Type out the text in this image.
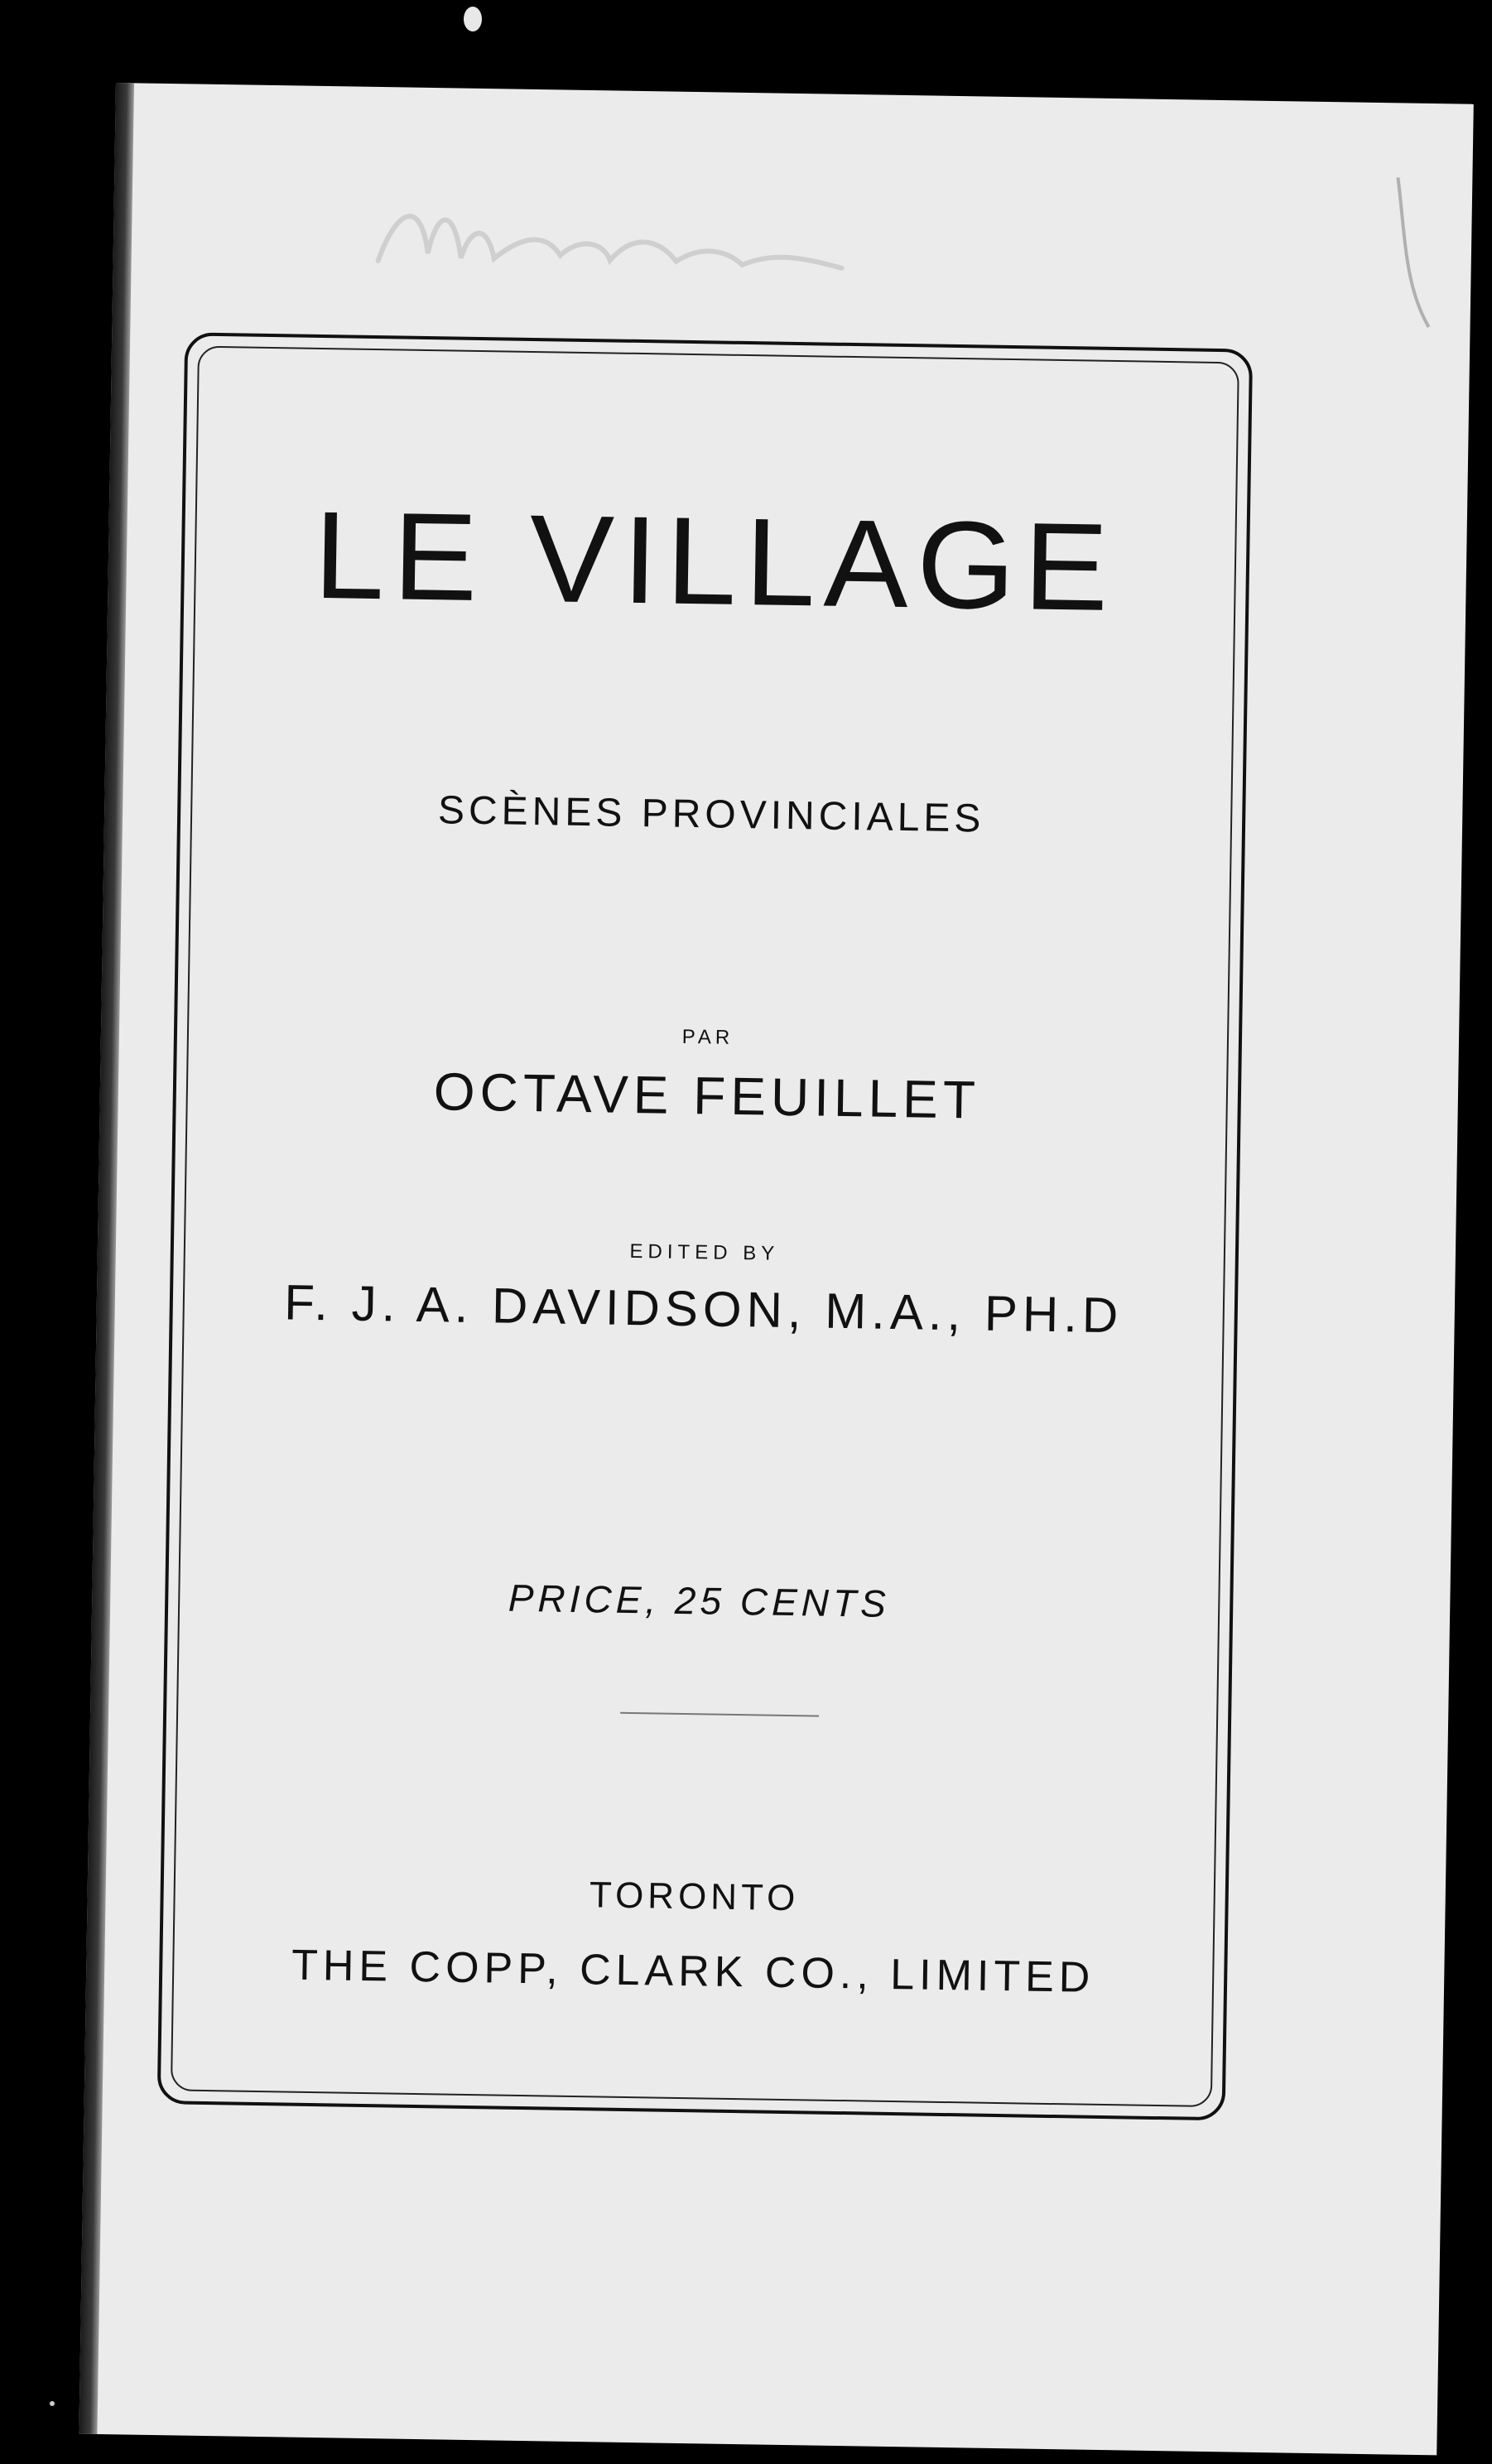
LE VILLAGE
SCÈNES PROVINCIALES
PAR
OCTAVE FEUILLET
EDITED BY
F. J. A. DAVIDSON, M.A., PH.D
PRICE, 25 CENTS
TORONTO
THE COPP, CLARK CO., LIMITED
